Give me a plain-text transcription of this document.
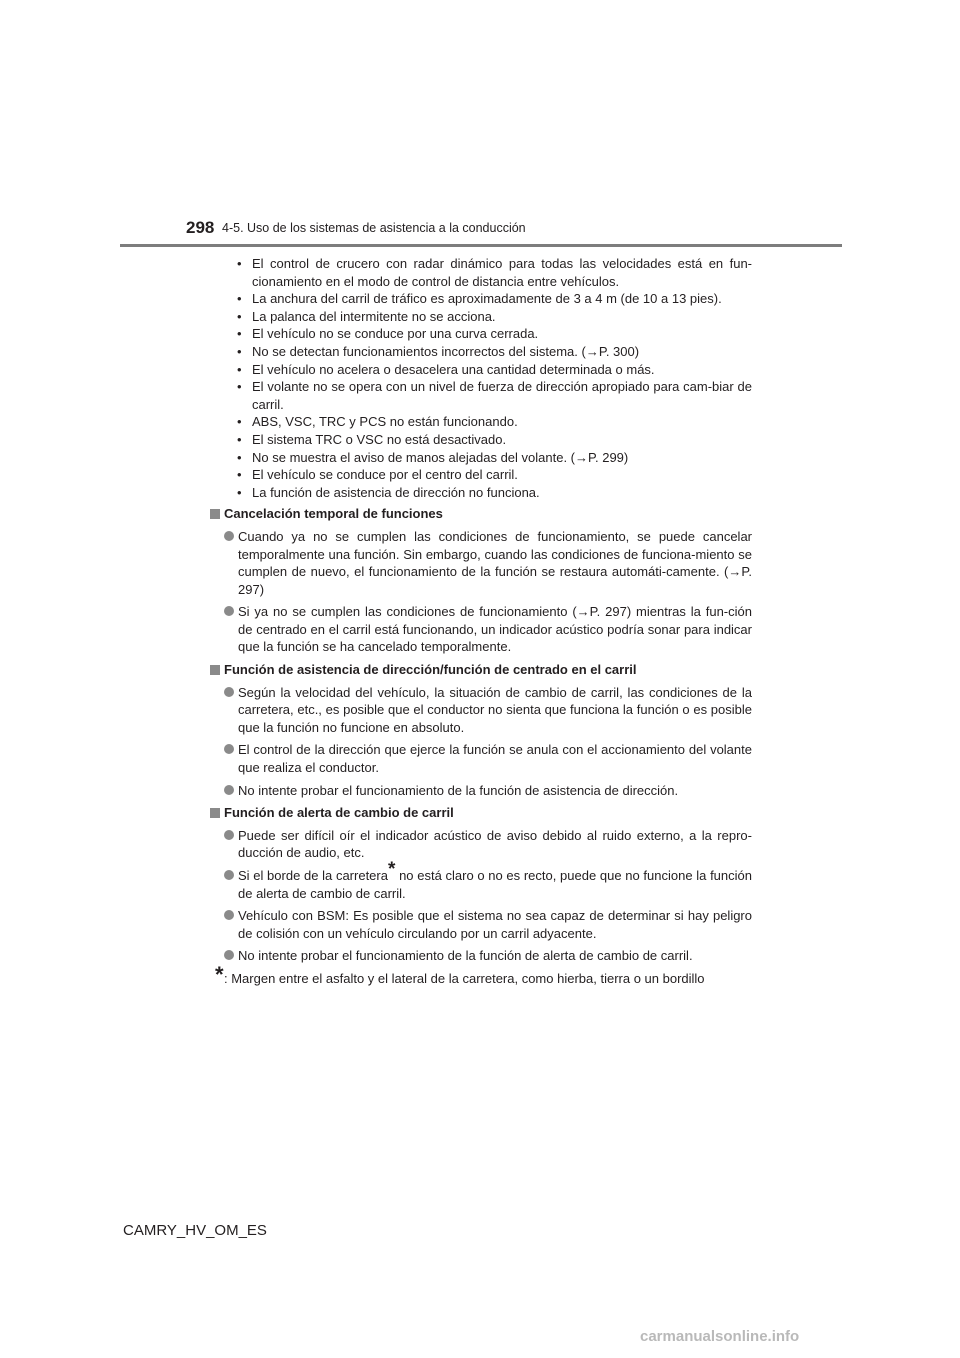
298 4-5. Uso de los sistemas de asistencia a la conducción
• El control de crucero con radar dinámico para todas las velocidades está en fun-cionamiento en el modo de control de distancia entre vehículos.
• La anchura del carril de tráfico es aproximadamente de 3 a 4 m (de 10 a 13 pies).
• La palanca del intermitente no se acciona.
• El vehículo no se conduce por una curva cerrada.
• No se detectan funcionamientos incorrectos del sistema. (→P. 300)
• El vehículo no acelera o desacelera una cantidad determinada o más.
• El volante no se opera con un nivel de fuerza de dirección apropiado para cam-biar de carril.
• ABS, VSC, TRC y PCS no están funcionando.
• El sistema TRC o VSC no está desactivado.
• No se muestra el aviso de manos alejadas del volante. (→P. 299)
• El vehículo se conduce por el centro del carril.
• La función de asistencia de dirección no funciona.
Cancelación temporal de funciones
Cuando ya no se cumplen las condiciones de funcionamiento, se puede cancelar temporalmente una función. Sin embargo, cuando las condiciones de funciona-miento se cumplen de nuevo, el funcionamiento de la función se restaura automáti-camente. (→P. 297)
Si ya no se cumplen las condiciones de funcionamiento (→P. 297) mientras la fun-ción de centrado en el carril está funcionando, un indicador acústico podría sonar para indicar que la función se ha cancelado temporalmente.
Función de asistencia de dirección/función de centrado en el carril
Según la velocidad del vehículo, la situación de cambio de carril, las condiciones de la carretera, etc., es posible que el conductor no sienta que funciona la función o es posible que la función no funcione en absoluto.
El control de la dirección que ejerce la función se anula con el accionamiento del volante que realiza el conductor.
No intente probar el funcionamiento de la función de asistencia de dirección.
Función de alerta de cambio de carril
Puede ser difícil oír el indicador acústico de aviso debido al ruido externo, a la repro-ducción de audio, etc.
Si el borde de la carretera* no está claro o no es recto, puede que no funcione la función de alerta de cambio de carril.
Vehículo con BSM: Es posible que el sistema no sea capaz de determinar si hay peligro de colisión con un vehículo circulando por un carril adyacente.
No intente probar el funcionamiento de la función de alerta de cambio de carril.
* : Margen entre el asfalto y el lateral de la carretera, como hierba, tierra o un bordillo
CAMRY_HV_OM_ES
carmanualsonline.info
